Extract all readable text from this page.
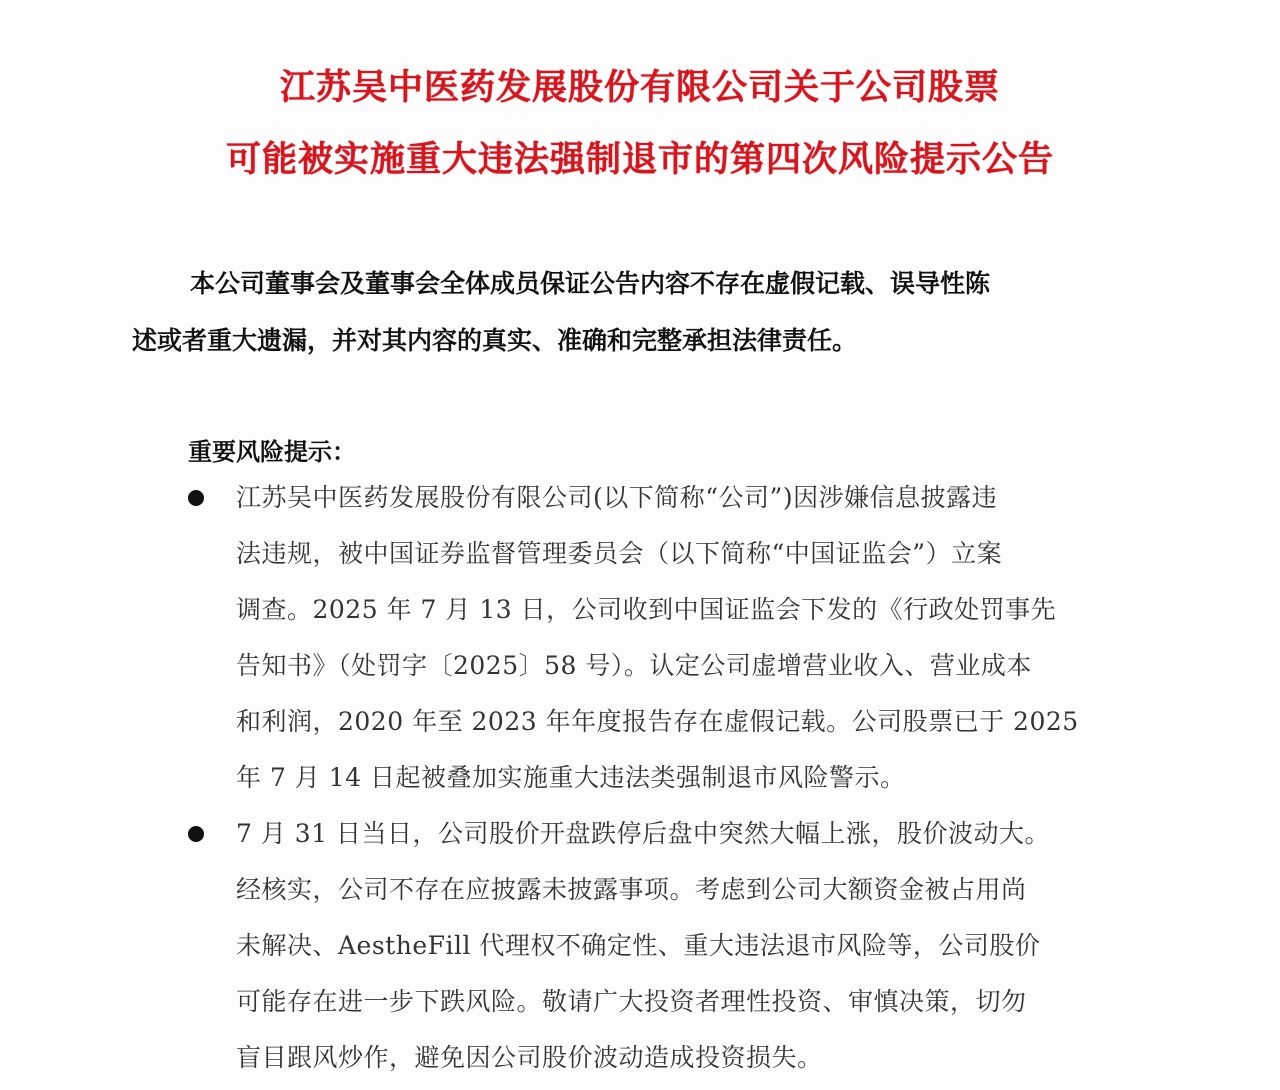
江苏吴中医药发展股份有限公司关于公司股票
可能被实施重大违法强制退市的第四次风险提示公告
本公司董事会及董事会全体成员保证公告内容不存在虚假记载、误导性陈
述或者重大遗漏，并对其内容的真实、准确和完整承担法律责任。
重要风险提示：
江苏吴中医药发展股份有限公司(以下简称“公司”)因涉嫌信息披露违
法违规，被中国证券监督管理委员会（以下简称“中国证监会”）立案
调查。2025 年 7 月 13 日，公司收到中国证监会下发的《行政处罚事先
告知书》（处罚字〔2025〕58 号）。认定公司虚增营业收入、营业成本
和利润，2020 年至 2023 年年度报告存在虚假记载。公司股票已于 2025
年 7 月 14 日起被叠加实施重大违法类强制退市风险警示。
7 月 31 日当日，公司股价开盘跌停后盘中突然大幅上涨，股价波动大。
经核实，公司不存在应披露未披露事项。考虑到公司大额资金被占用尚
未解决、AestheFill 代理权不确定性、重大违法退市风险等，公司股价
可能存在进一步下跌风险。敬请广大投资者理性投资、审慎决策，切勿
盲目跟风炒作，避免因公司股价波动造成投资损失。
